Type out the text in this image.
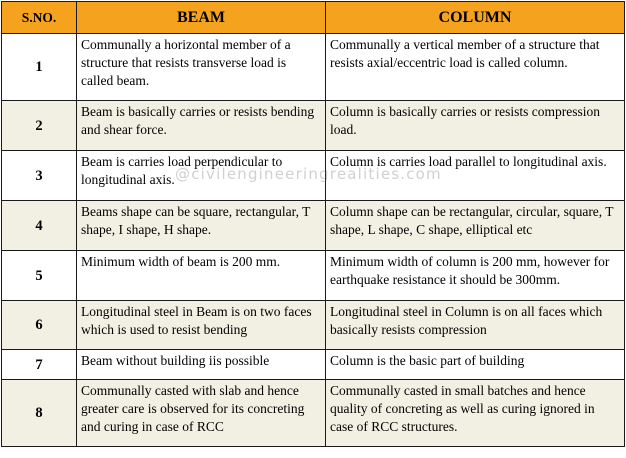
S.NO.	BEAM	COLUMN
1	Communally a horizontal member of a structure that resists transverse load is called beam.	Communally a vertical member of a structure that resists axial/eccentric load is called column.
2	Beam is basically carries or resists bending and shear force.	Column is basically carries or resists compression load.
3	Beam is carries load perpendicular to longitudinal axis.	Column is carries load parallel to longitudinal axis.
4	Beams shape can be square, rectangular, T shape, I shape, H shape.	Column shape can be rectangular, circular, square, T shape, L shape, C shape, elliptical etc
5	Minimum width of beam is 200 mm.	Minimum width of column is 200 mm, however for earthquake resistance it should be 300mm.
6	Longitudinal steel in Beam is on two faces which is used to resist bending	Longitudinal steel in Column is on all faces which basically resists compression
7	Beam without building iis possible	Column is the basic part of building
8	Communally casted with slab and hence greater care is observed for its concreting and curing in case of RCC	Communally casted in small batches and hence quality of concreting as well as curing ignored in case of RCC structures.
@civilengineeringrealities.com
